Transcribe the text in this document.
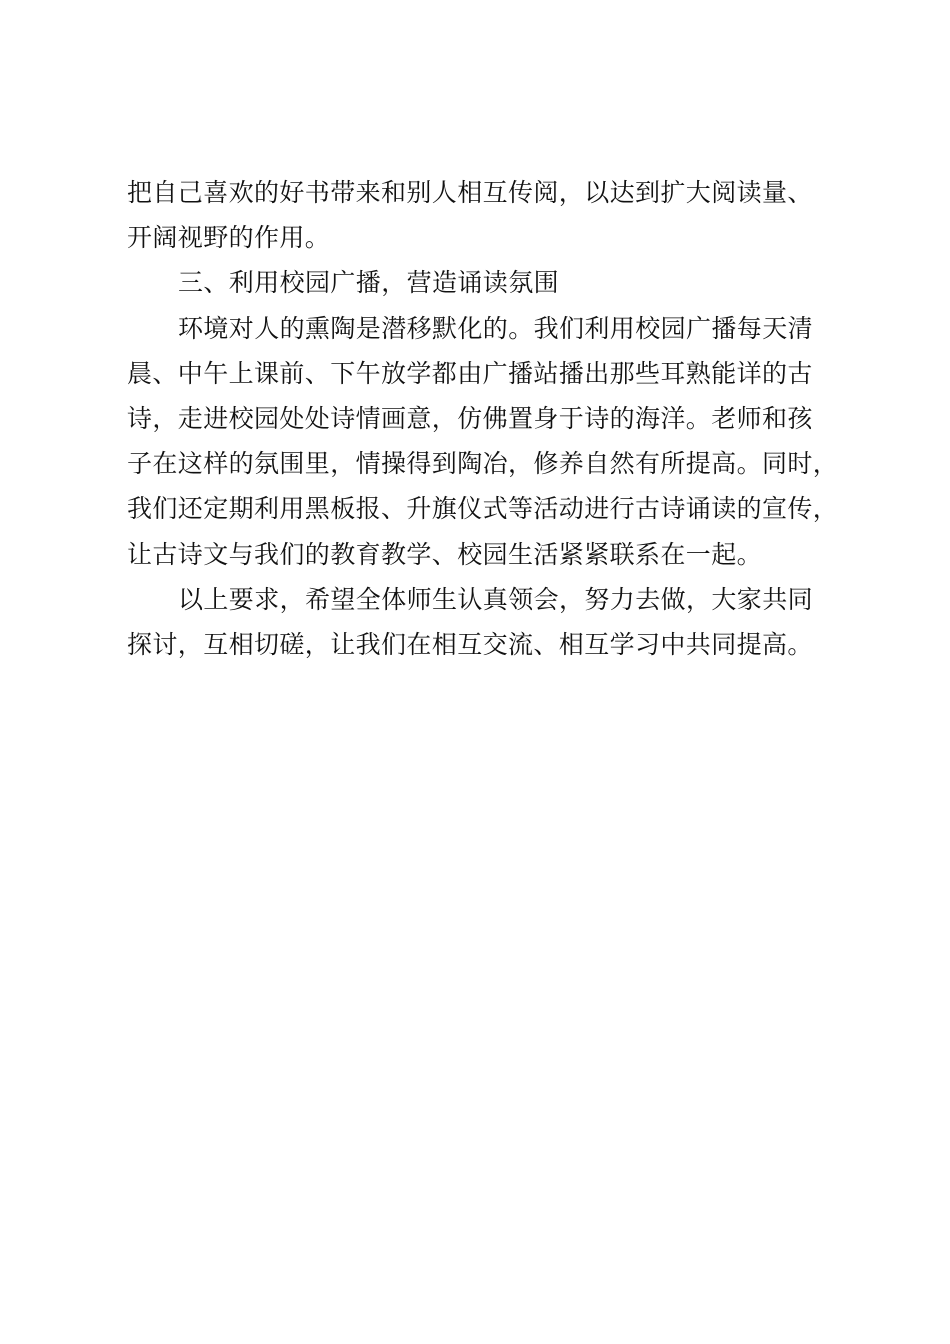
把自己喜欢的好书带来和别人相互传阅，以达到扩大阅读量、
开阔视野的作用。
三、利用校园广播，营造诵读氛围
环境对人的熏陶是潜移默化的。我们利用校园广播每天清
晨、中午上课前、下午放学都由广播站播出那些耳熟能详的古
诗，走进校园处处诗情画意，仿佛置身于诗的海洋。老师和孩
子在这样的氛围里，情操得到陶冶，修养自然有所提高。同时，
我们还定期利用黑板报、升旗仪式等活动进行古诗诵读的宣传，
让古诗文与我们的教育教学、校园生活紧紧联系在一起。
以上要求，希望全体师生认真领会，努力去做，大家共同
探讨，互相切磋，让我们在相互交流、相互学习中共同提高。
